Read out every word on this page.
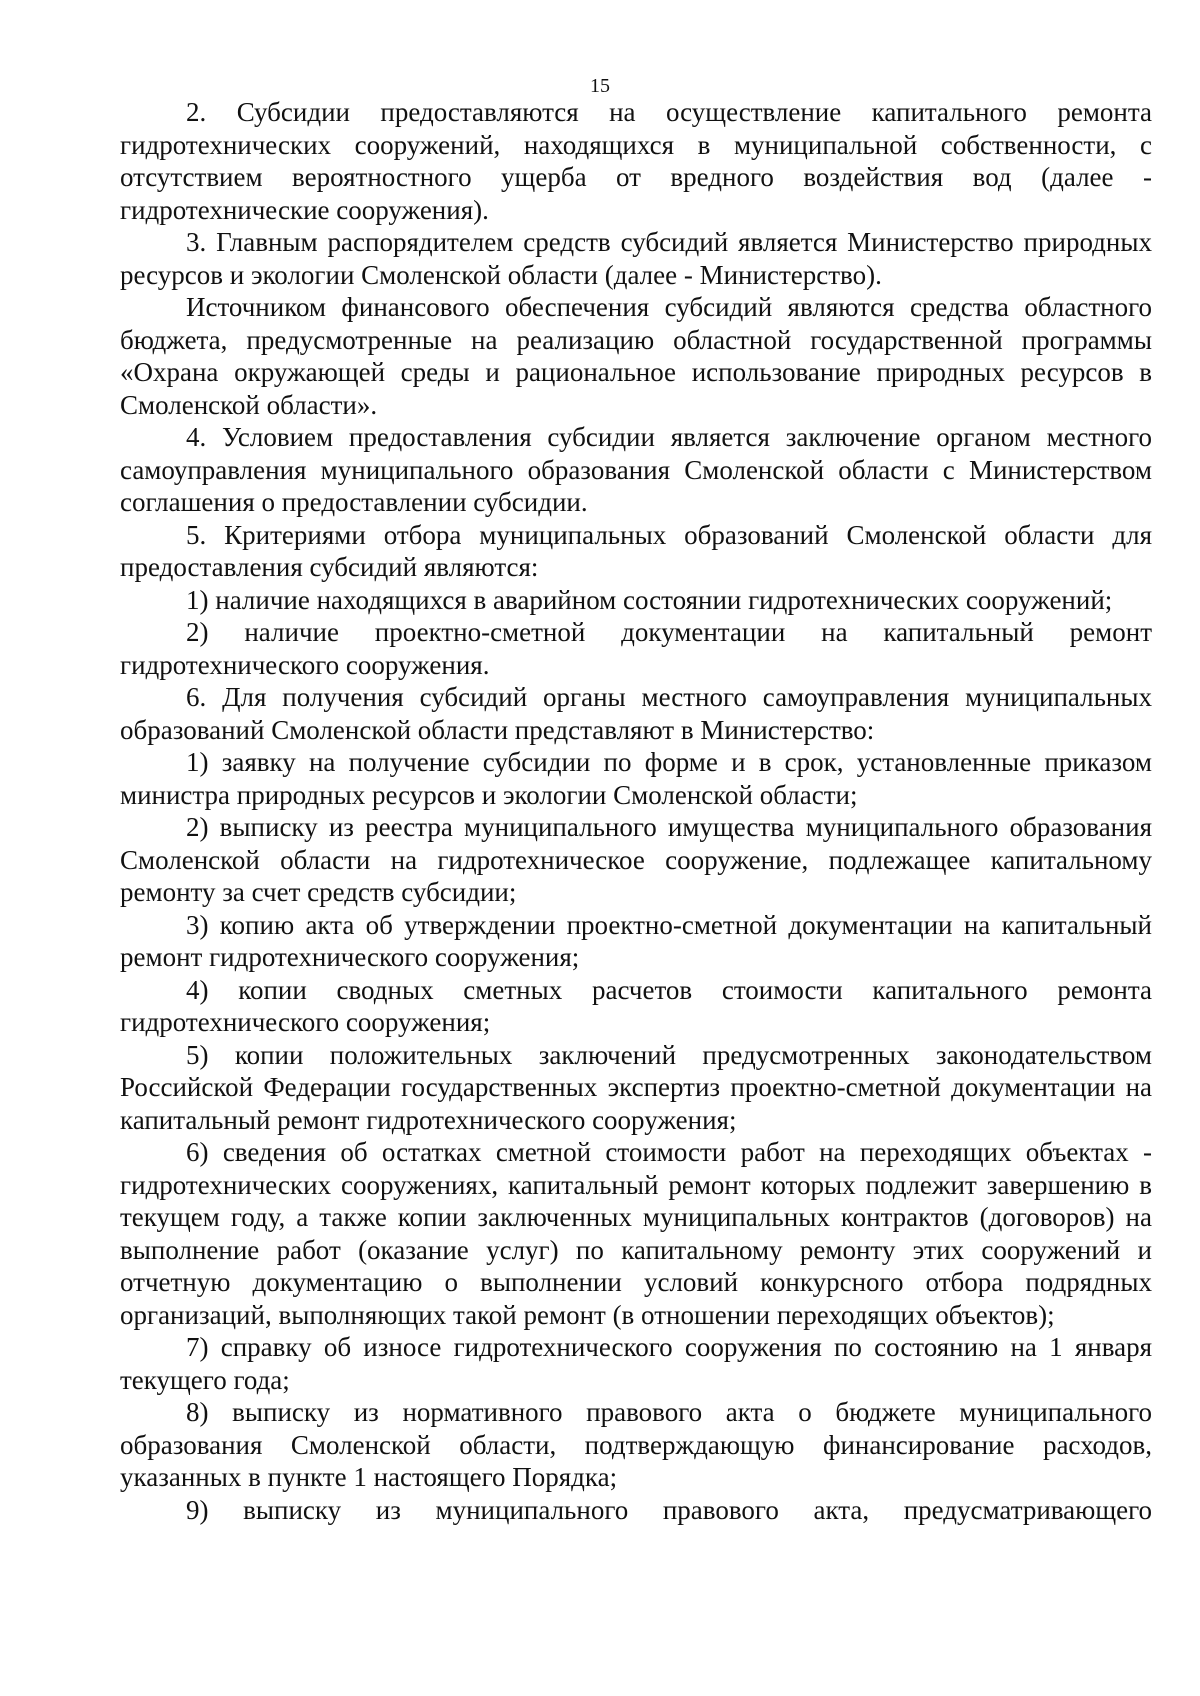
15

2. Субсидии предоставляются на осуществление капитального ремонта гидротехнических сооружений, находящихся в муниципальной собственности, с отсутствием вероятностного ущерба от вредного воздействия вод (далее - гидротехнические сооружения).

3. Главным распорядителем средств субсидий является Министерство природных ресурсов и экологии Смоленской области (далее - Министерство).

Источником финансового обеспечения субсидий являются средства областного бюджета, предусмотренные на реализацию областной государственной программы «Охрана окружающей среды и рациональное использование природных ресурсов в Смоленской области».

4. Условием предоставления субсидии является заключение органом местного самоуправления муниципального образования Смоленской области с Министерством соглашения о предоставлении субсидии.

5. Критериями отбора муниципальных образований Смоленской области для предоставления субсидий являются:

1) наличие находящихся в аварийном состоянии гидротехнических сооружений;

2) наличие проектно-сметной документации на капитальный ремонт гидротехнического сооружения.

6. Для получения субсидий органы местного самоуправления муниципальных образований Смоленской области представляют в Министерство:

1) заявку на получение субсидии по форме и в срок, установленные приказом министра природных ресурсов и экологии Смоленской области;

2) выписку из реестра муниципального имущества муниципального образования Смоленской области на гидротехническое сооружение, подлежащее капитальному ремонту за счет средств субсидии;

3) копию акта об утверждении проектно-сметной документации на капитальный ремонт гидротехнического сооружения;

4) копии сводных сметных расчетов стоимости капитального ремонта гидротехнического сооружения;

5) копии положительных заключений предусмотренных законодательством Российской Федерации государственных экспертиз проектно-сметной документации на капитальный ремонт гидротехнического сооружения;

6) сведения об остатках сметной стоимости работ на переходящих объектах - гидротехнических сооружениях, капитальный ремонт которых подлежит завершению в текущем году, а также копии заключенных муниципальных контрактов (договоров) на выполнение работ (оказание услуг) по капитальному ремонту этих сооружений и отчетную документацию о выполнении условий конкурсного отбора подрядных организаций, выполняющих такой ремонт (в отношении переходящих объектов);

7) справку об износе гидротехнического сооружения по состоянию на 1 января текущего года;

8) выписку из нормативного правового акта о бюджете муниципального образования Смоленской области, подтверждающую финансирование расходов, указанных в пункте 1 настоящего Порядка;

9) выписку из муниципального правового акта, предусматривающего
